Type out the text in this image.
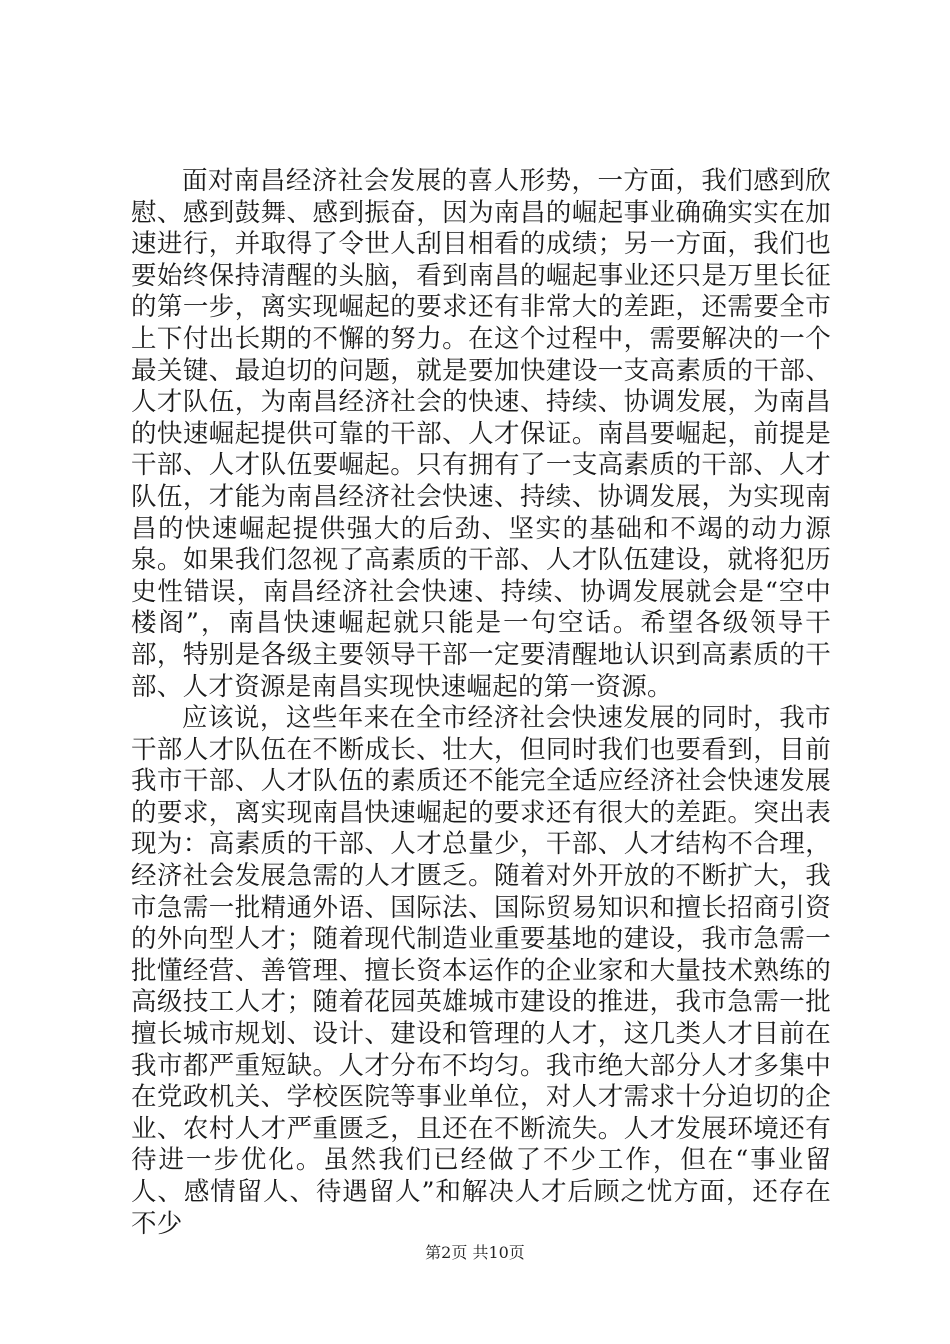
面对南昌经济社会发展的喜人形势，一方面，我们感到欣慰、感到鼓舞、感到振奋，因为南昌的崛起事业确确实实在加速进行，并取得了令世人刮目相看的成绩；另一方面，我们也要始终保持清醒的头脑，看到南昌的崛起事业还只是万里长征的第一步，离实现崛起的要求还有非常大的差距，还需要全市上下付出长期的不懈的努力。在这个过程中，需要解决的一个最关键、最迫切的问题，就是要加快建设一支高素质的干部、人才队伍，为南昌经济社会的快速、持续、协调发展，为南昌的快速崛起提供可靠的干部、人才保证。南昌要崛起，前提是干部、人才队伍要崛起。只有拥有了一支高素质的干部、人才队伍，才能为南昌经济社会快速、持续、协调发展，为实现南昌的快速崛起提供强大的后劲、坚实的基础和不竭的动力源泉。如果我们忽视了高素质的干部、人才队伍建设，就将犯历史性错误，南昌经济社会快速、持续、协调发展就会是“空中楼阁”，南昌快速崛起就只能是一句空话。希望各级领导干部，特别是各级主要领导干部一定要清醒地认识到高素质的干部、人才资源是南昌实现快速崛起的第一资源。

应该说，这些年来在全市经济社会快速发展的同时，我市干部人才队伍在不断成长、壮大，但同时我们也要看到，目前我市干部、人才队伍的素质还不能完全适应经济社会快速发展的要求，离实现南昌快速崛起的要求还有很大的差距。突出表现为：高素质的干部、人才总量少，干部、人才结构不合理，经济社会发展急需的人才匮乏。随着对外开放的不断扩大，我市急需一批精通外语、国际法、国际贸易知识和擅长招商引资的外向型人才；随着现代制造业重要基地的建设，我市急需一批懂经营、善管理、擅长资本运作的企业家和大量技术熟练的高级技工人才；随着花园英雄城市建设的推进，我市急需一批擅长城市规划、设计、建设和管理的人才，这几类人才目前在我市都严重短缺。人才分布不均匀。我市绝大部分人才多集中在党政机关、学校医院等事业单位，对人才需求十分迫切的企业、农村人才严重匮乏，且还在不断流失。人才发展环境还有待进一步优化。虽然我们已经做了不少工作，但在“事业留人、感情留人、待遇留人”和解决人才后顾之忧方面，还存在不少

第2页 共10页
